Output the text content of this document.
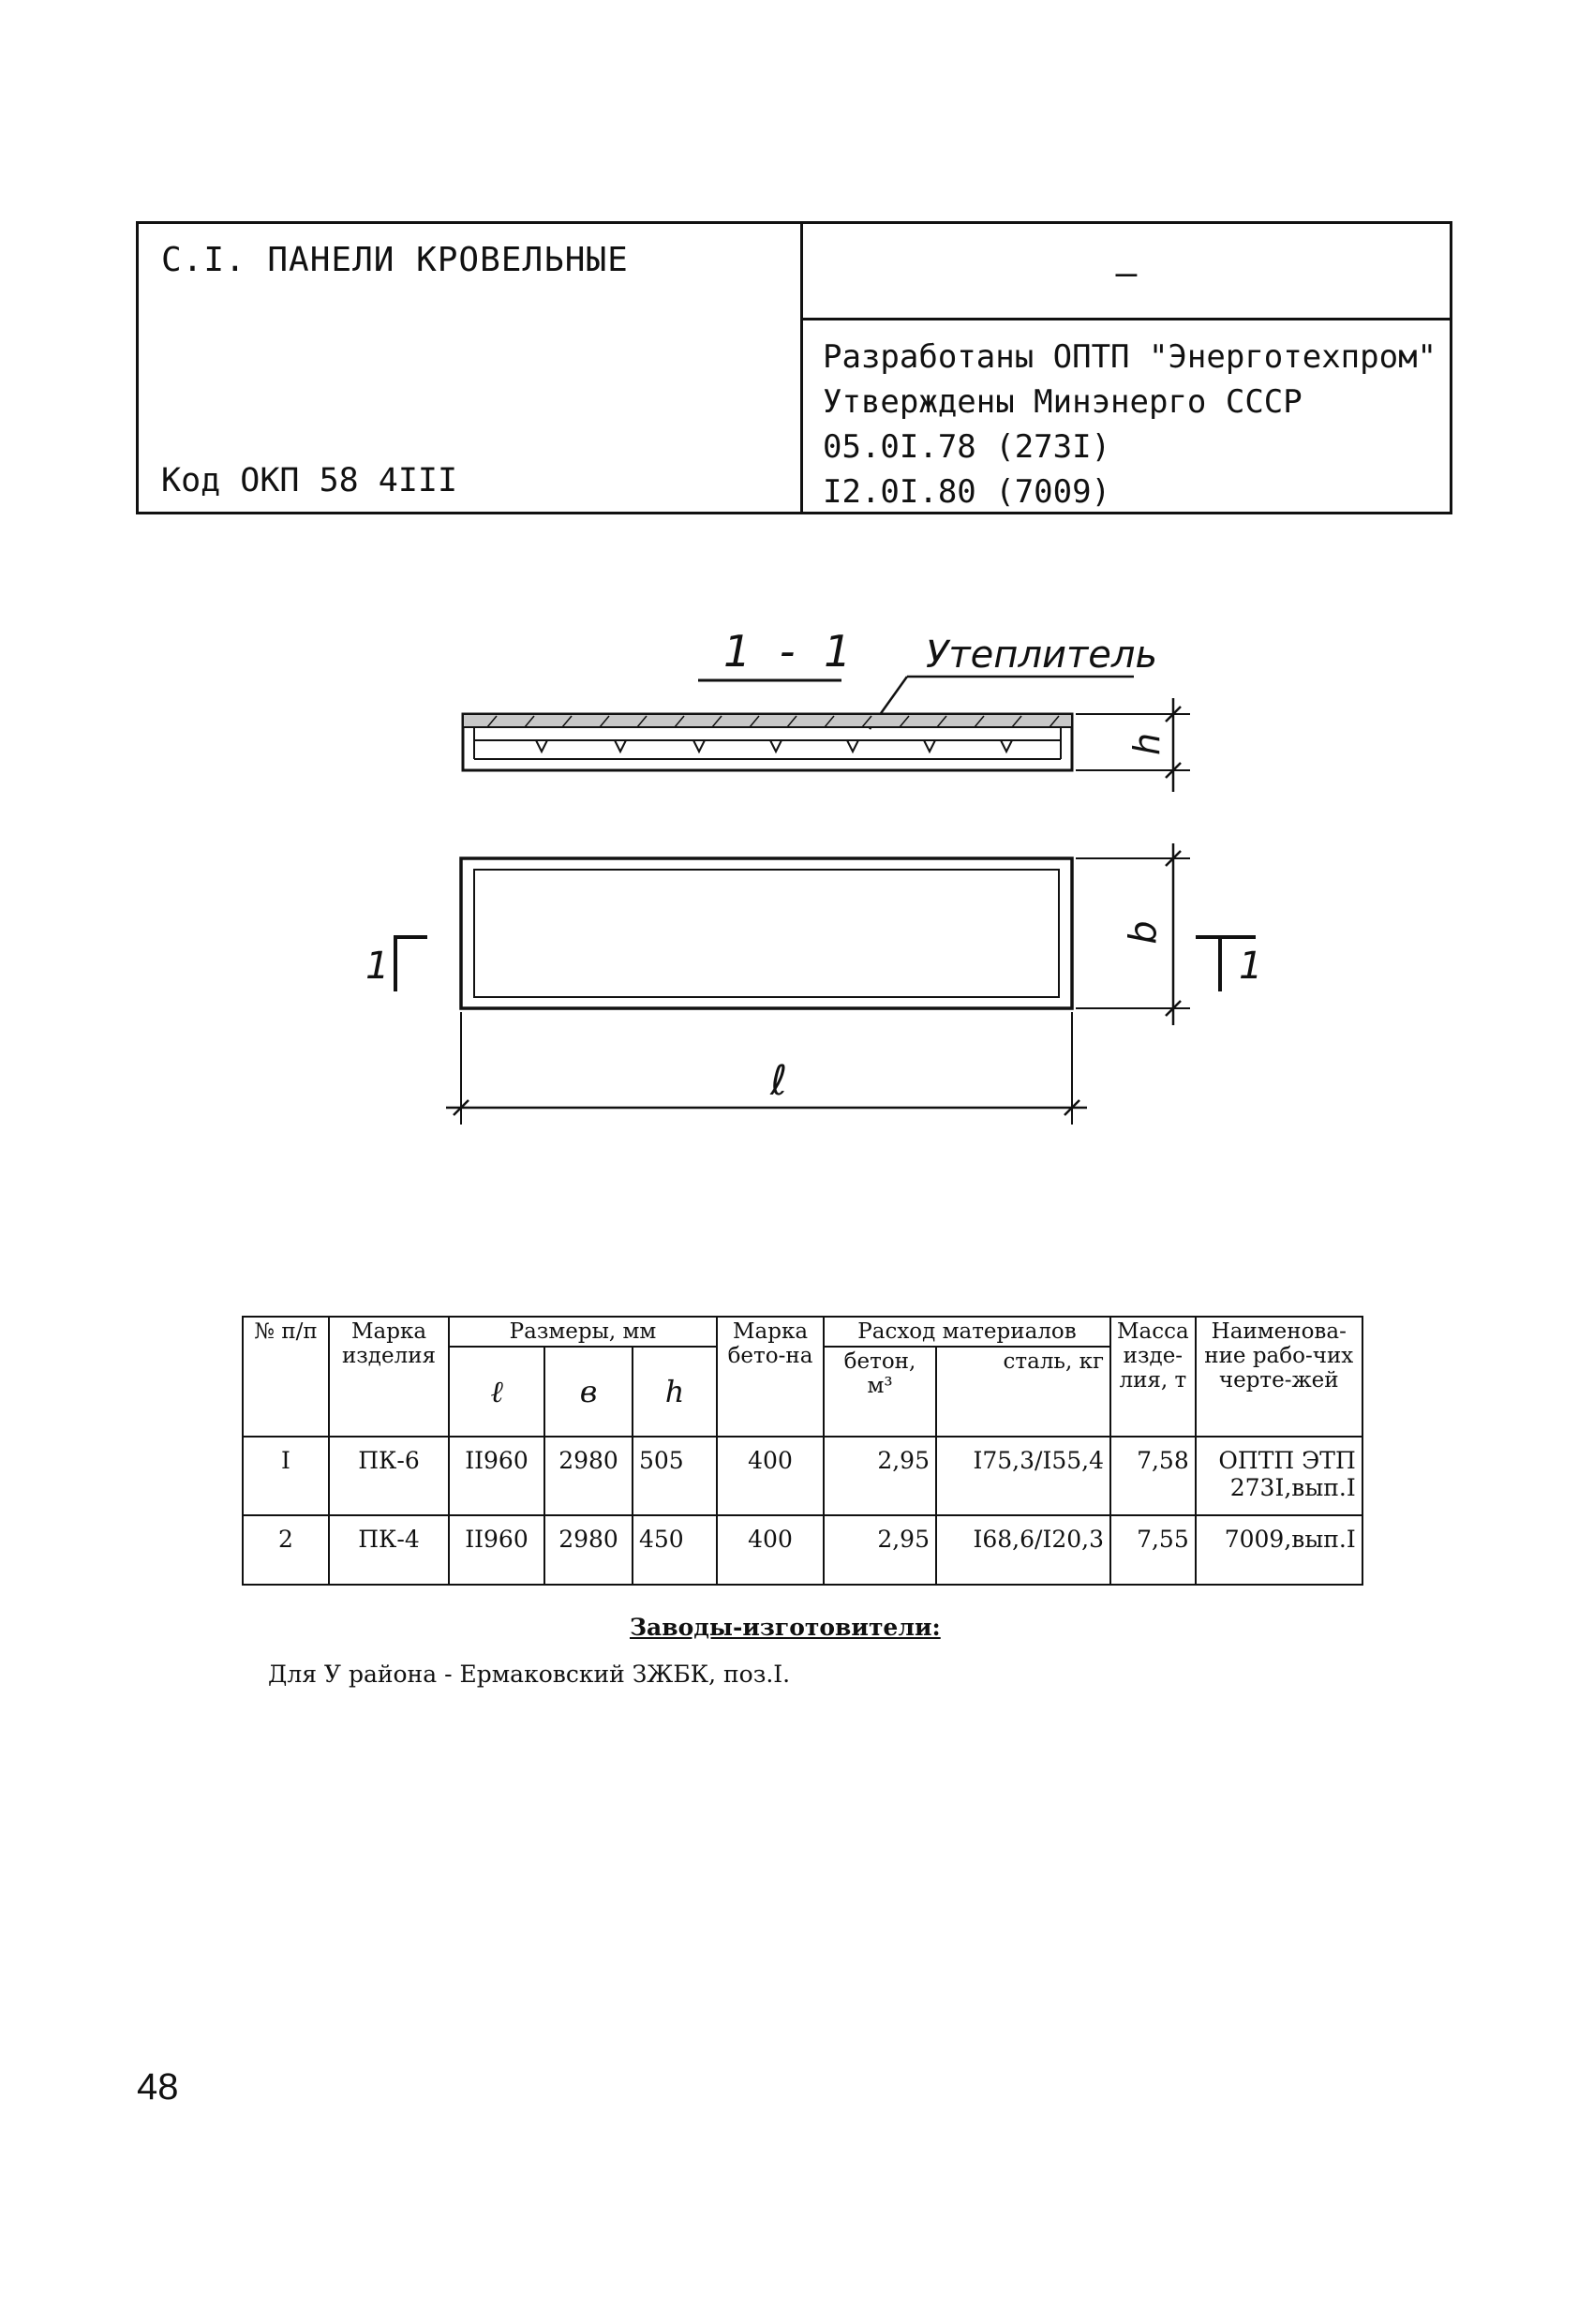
С.I. ПАНЕЛИ КРОВЕЛЬНЫЕ
Код ОКП 58 4III
—
Разработаны ОПТП "Энерготехпром"
Утверждены Минэнерго СССР
05.0I.78 (273I)
I2.0I.80 (7009)
1 - 1 Утеплитель
h
b
ℓ
1	1
№ п/п	Марка изделия	Размеры, мм			Марка бето-на	Расход материалов		Масса изде-лия, т	Наименова-ние рабо-чих черте-жей
		ℓ	в	h		бетон, м³	сталь, кг		
I	ПК-6	II960	2980	505	400	2,95	I75,3/I55,4	7,58	ОПТП ЭТП 273I,вып.I
2	ПК-4	II960	2980	450	400	2,95	I68,6/I20,3	7,55	7009,вып.I
Заводы-изготовители:
Для У района - Ермаковский ЗЖБК, поз.I.
48
